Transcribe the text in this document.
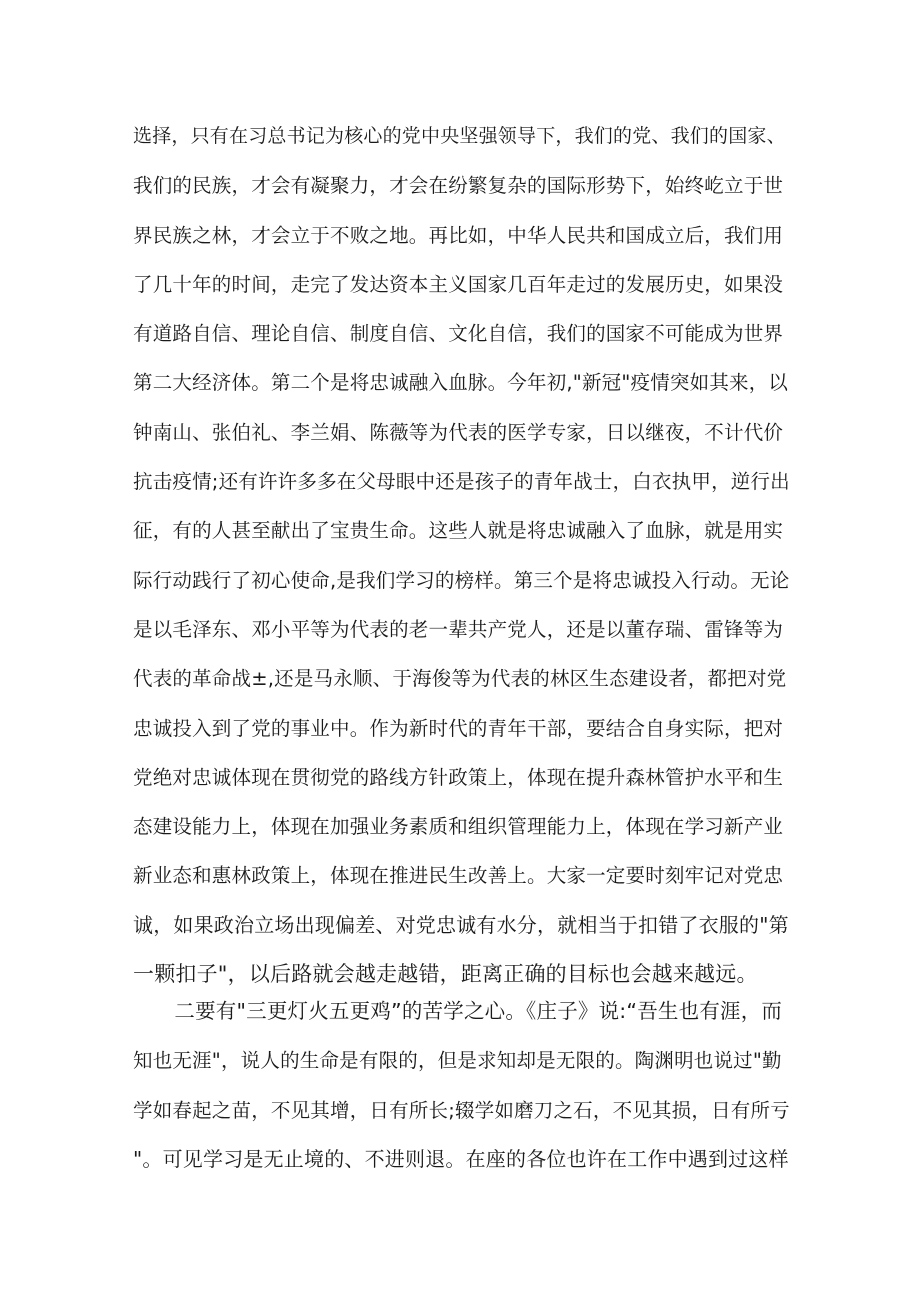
选择，只有在习总书记为核心的党中央坚强领导下，我们的党、我们的国家、
我们的民族，才会有凝聚力，才会在纷繁复杂的国际形势下，始终屹立于世
界民族之林，才会立于不败之地。再比如，中华人民共和国成立后，我们用
了几十年的时间，走完了发达资本主义国家几百年走过的发展历史，如果没
有道路自信、理论自信、制度自信、文化自信，我们的国家不可能成为世界
第二大经济体。第二个是将忠诚融入血脉。今年初,"新冠"疫情突如其来，以
钟南山、张伯礼、李兰娟、陈薇等为代表的医学专家，日以继夜，不计代价
抗击疫情;还有许许多多在父母眼中还是孩子的青年战士，白衣执甲，逆行出
征，有的人甚至献出了宝贵生命。这些人就是将忠诚融入了血脉，就是用实
际行动践行了初心使命,是我们学习的榜样。第三个是将忠诚投入行动。无论
是以毛泽东、邓小平等为代表的老一辈共产党人，还是以董存瑞、雷锋等为
代表的革命战±,还是马永顺、于海俊等为代表的林区生态建设者，都把对党
忠诚投入到了党的事业中。作为新时代的青年干部，要结合自身实际，把对
党绝对忠诚体现在贯彻党的路线方针政策上，体现在提升森林管护水平和生
态建设能力上，体现在加强业务素质和组织管理能力上，体现在学习新产业
新业态和惠林政策上，体现在推进民生改善上。大家一定要时刻牢记对党忠
诚，如果政治立场出现偏差、对党忠诚有水分，就相当于扣错了衣服的"第
一颗扣子"，以后路就会越走越错，距离正确的目标也会越来越远。
　　二要有"三更灯火五更鸡”的苦学之心。《庄子》说:“吾生也有涯，而
知也无涯"，说人的生命是有限的，但是求知却是无限的。陶渊明也说过"勤
学如春起之苗，不见其增，日有所长;辍学如磨刀之石，不见其损，日有所亏
"。可见学习是无止境的、不进则退。在座的各位也许在工作中遇到过这样
